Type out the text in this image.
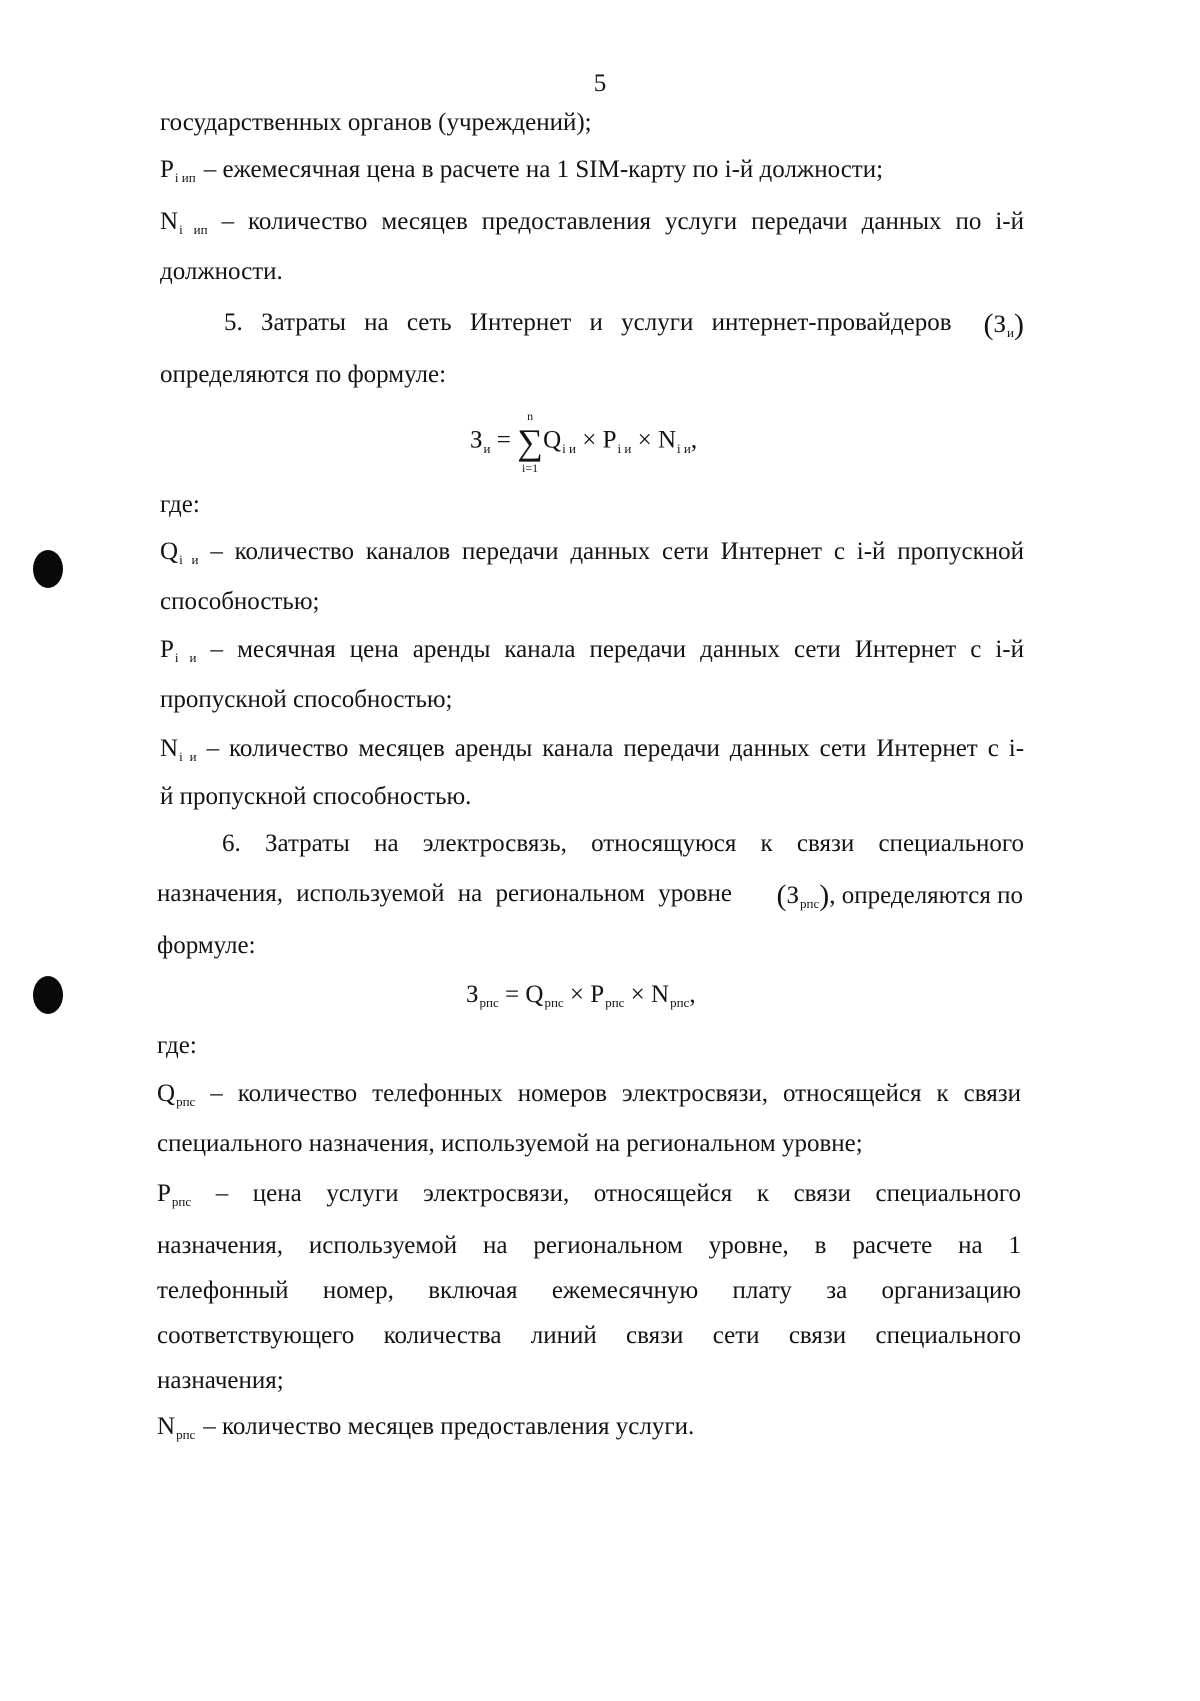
5
государственных органов (учреждений);
$P_{i ип}$ – ежемесячная цена в расчете на 1 SIM-карту по i-й должности;
$N_{i ип}$ – количество месяцев предоставления услуги передачи данных по i-й
должности.
5. Затраты на сеть Интернет и услуги интернет-провайдеров $(З_и)$
определяются по формуле:
$З_и$ =
n
∑
i=1
$Q_{i и} \times P_{i и} \times N_{i и}$,
где:
$Q_{i и}$ – количество каналов передачи данных сети Интернет с i-й пропускной
способностью;
$P_{i и}$ – месячная цена аренды канала передачи данных сети Интернет с i-й
пропускной способностью;
$N_{i и}$ – количество месяцев аренды канала передачи данных сети Интернет с i-
й пропускной способностью.
6. Затраты на электросвязь, относящуюся к связи специального
назначения, используемой на региональном уровне $(З_{рпс})$, определяются по
формуле:
$З_{рпс} = Q_{рпс} \times P_{рпс} \times N_{рпс}$,
где:
$Q_{рпс}$ – количество телефонных номеров электросвязи, относящейся к связи
специального назначения, используемой на региональном уровне;
$P_{рпс}$ – цена услуги электросвязи, относящейся к связи специального
назначения, используемой на региональном уровне, в расчете на 1
телефонный номер, включая ежемесячную плату за организацию
соответствующего количества линий связи сети связи специального
назначения;
$N_{рпс}$ – количество месяцев предоставления услуги.
